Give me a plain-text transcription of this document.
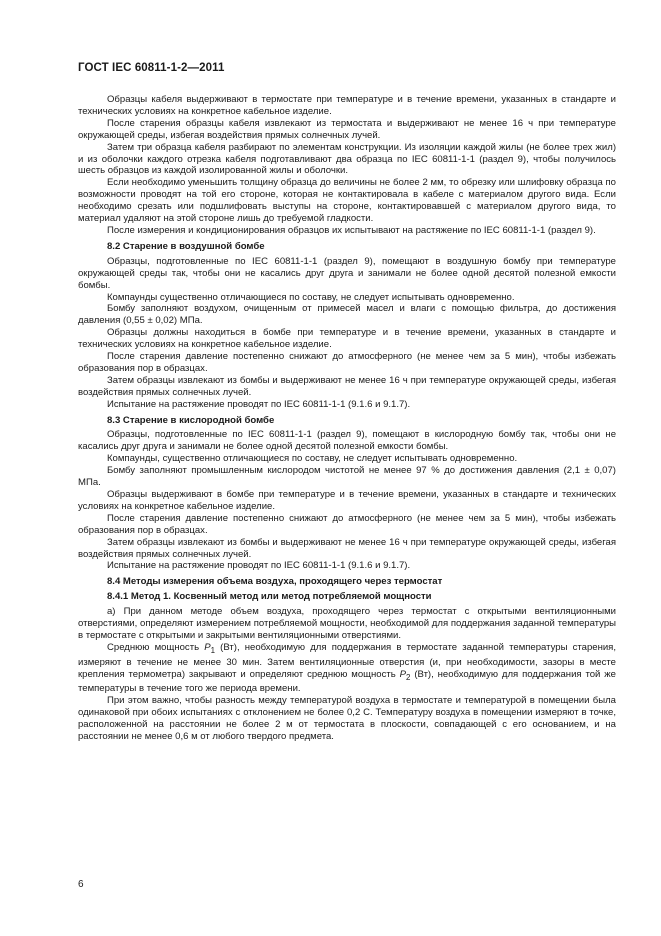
ГОСТ IEC 60811-1-2—2011

Образцы кабеля выдерживают в термостате при температуре и в течение времени, указанных в стандарте и технических условиях на конкретное кабельное изделие.

После старения образцы кабеля извлекают из термостата и выдерживают не менее 16 ч при температуре окружающей среды, избегая воздействия прямых солнечных лучей.

Затем три образца кабеля разбирают по элементам конструкции. Из изоляции каждой жилы (не более трех жил) и из оболочки каждого отрезка кабеля подготавливают два образца по IEC 60811-1-1 (раздел 9), чтобы получилось шесть образцов из каждой изолированной жилы и оболочки.

Если необходимо уменьшить толщину образца до величины не более 2 мм, то обрезку или шлифовку образца по возможности проводят на той его стороне, которая не контактировала в кабеле с материалом другого вида. Если необходимо срезать или подшлифовать выступы на стороне, контактировавшей с материалом другого вида, то материал удаляют на этой стороне лишь до требуемой гладкости.

После измерения и кондиционирования образцов их испытывают на растяжение по IEC 60811-1-1 (раздел 9).

8.2 Старение в воздушной бомбе

Образцы, подготовленные по IEC 60811-1-1 (раздел 9), помещают в воздушную бомбу при температуре окружающей среды так, чтобы они не касались друг друга и занимали не более одной десятой полезной емкости бомбы.

Компаунды существенно отличающиеся по составу, не следует испытывать одновременно.

Бомбу заполняют воздухом, очищенным от примесей масел и влаги с помощью фильтра, до достижения давления (0,55 ± 0,02) МПа.

Образцы должны находиться в бомбе при температуре и в течение времени, указанных в стандарте и технических условиях на конкретное кабельное изделие.

После старения давление постепенно снижают до атмосферного (не менее чем за 5 мин), чтобы избежать образования пор в образцах.

Затем образцы извлекают из бомбы и выдерживают не менее 16 ч при температуре окружающей среды, избегая воздействия прямых солнечных лучей.

Испытание на растяжение проводят по IEC 60811-1-1 (9.1.6 и 9.1.7).

8.3 Старение в кислородной бомбе

Образцы, подготовленные по IEC 60811-1-1 (раздел 9), помещают в кислородную бомбу так, чтобы они не касались друг друга и занимали не более одной десятой полезной емкости бомбы.

Компаунды, существенно отличающиеся по составу, не следует испытывать одновременно.

Бомбу заполняют промышленным кислородом чистотой не менее 97 % до достижения давления (2,1 ± 0,07) МПа.

Образцы выдерживают в бомбе при температуре и в течение времени, указанных в стандарте и технических условиях на конкретное кабельное изделие.

После старения давление постепенно снижают до атмосферного (не менее чем за 5 мин), чтобы избежать образования пор в образцах.

Затем образцы извлекают из бомбы и выдерживают не менее 16 ч при температуре окружающей среды, избегая воздействия прямых солнечных лучей.

Испытание на растяжение проводят по IEC 60811-1-1 (9.1.6 и 9.1.7).

8.4 Методы измерения объема воздуха, проходящего через термостат

8.4.1 Метод 1. Косвенный метод или метод потребляемой мощности

а) При данном методе объем воздуха, проходящего через термостат с открытыми вентиляционными отверстиями, определяют измерением потребляемой мощности, необходимой для поддержания заданной температуры в термостате с открытыми и закрытыми вентиляционными отверстиями.

Среднюю мощность $P_1$ (Вт), необходимую для поддержания в термостате заданной температуры старения, измеряют в течение не менее 30 мин. Затем вентиляционные отверстия (и, при необходимости, зазоры в месте крепления термометра) закрывают и определяют среднюю мощность $P_2$ (Вт), необходимую для поддержания той же температуры в течение того же периода времени.

При этом важно, чтобы разность между температурой воздуха в термостате и температурой в помещении была одинаковой при обоих испытаниях с отклонением не более 0,2 С. Температуру воздуха в помещении измеряют в точке, расположенной на расстоянии не более 2 м от термостата в плоскости, совпадающей с его основанием, и на расстоянии не менее 0,6 м от любого твердого предмета.

6
